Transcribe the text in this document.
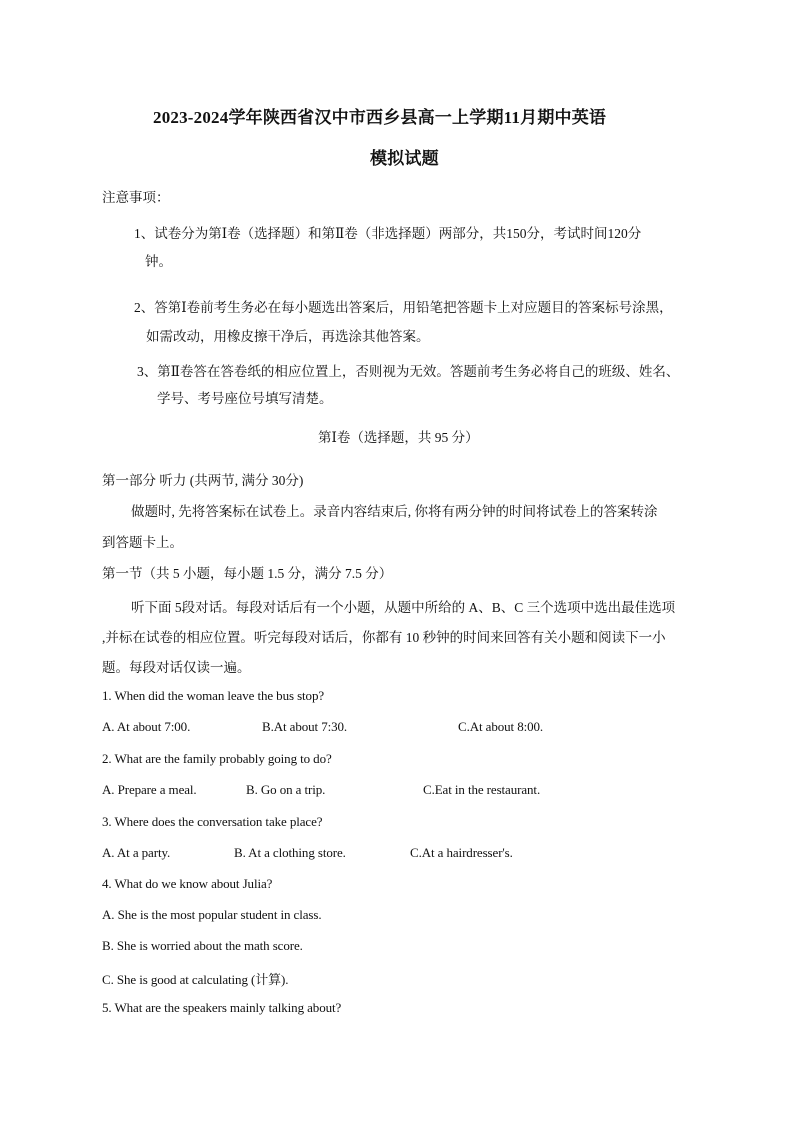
2023-2024学年陕西省汉中市西乡县高一上学期11月期中英语
模拟试题
注意事项：
1、试卷分为第Ⅰ卷（选择题）和第Ⅱ卷（非选择题）两部分，共150分，考试时间120分
钟。
2、答第Ⅰ卷前考生务必在每小题选出答案后，用铅笔把答题卡上对应题目的答案标号涂黑，
如需改动，用橡皮擦干净后，再选涂其他答案。
3、第Ⅱ卷答在答卷纸的相应位置上，否则视为无效。答题前考生务必将自己的班级、姓名、
学号、考号座位号填写清楚。
第Ⅰ卷（选择题，共 95 分）
第一部分 听力 (共两节, 满分 30分)
做题时, 先将答案标在试卷上。录音内容结束后, 你将有两分钟的时间将试卷上的答案转涂
到答题卡上。
第一节（共 5 小题，每小题 1.5 分，满分 7.5 分）
听下面 5段对话。每段对话后有一个小题，从题中所给的 A、B、C 三个选项中选出最佳选项
,并标在试卷的相应位置。听完每段对话后，你都有 10 秒钟的时间来回答有关小题和阅读下一小
题。每段对话仅读一遍。
1. When did the woman leave the bus stop?
A. At about 7:00.	B.At about 7:30.	C.At about 8:00.
2. What are the family probably going to do?
A. Prepare a meal.	B. Go on a trip.	C.Eat in the restaurant.
3. Where does the conversation take place?
A. At a party.	B. At a clothing store.	C.At a hairdresser's.
4. What do we know about Julia?
A. She is the most popular student in class.
B. She is worried about the math score.
C. She is good at calculating (计算).
5. What are the speakers mainly talking about?
